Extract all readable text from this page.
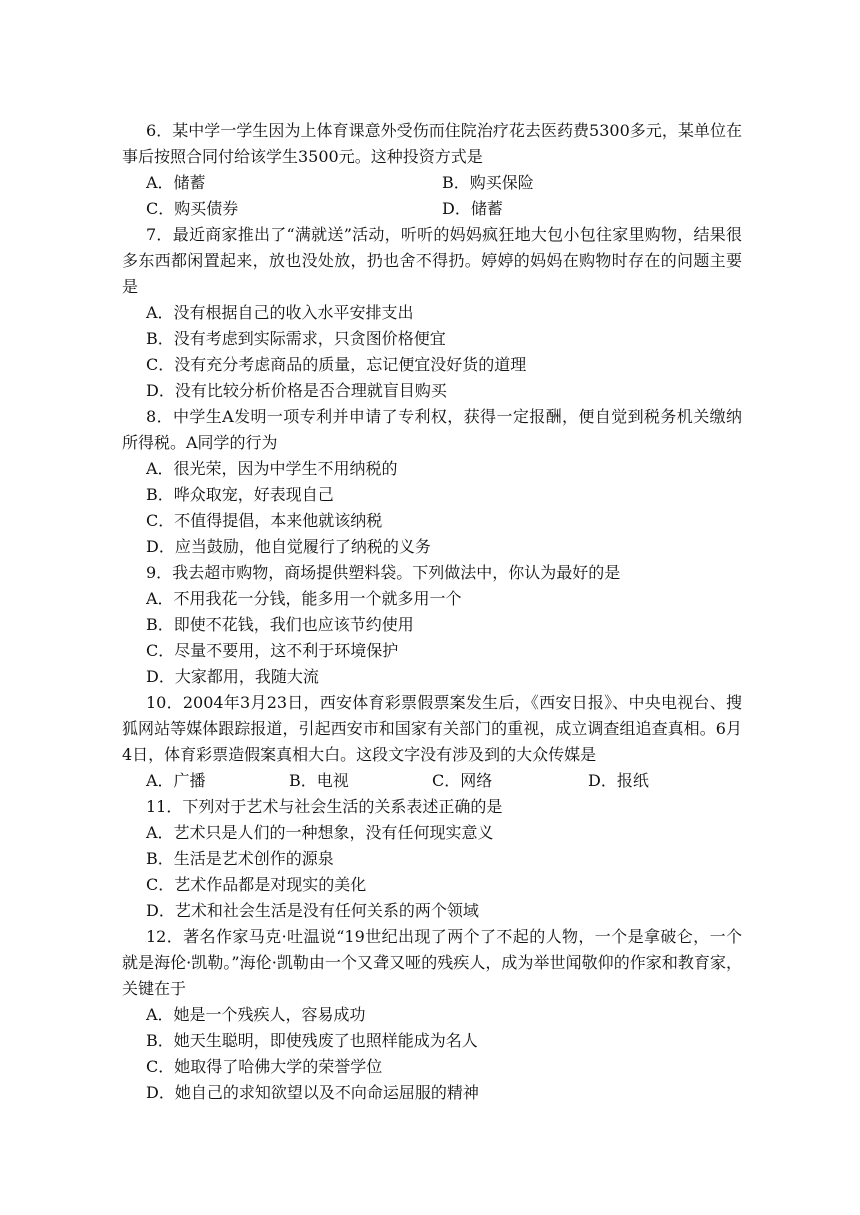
6．某中学一学生因为上体育课意外受伤而住院治疗花去医药费5300多元，某单位在事后按照合同付给该学生3500元。这种投资方式是

A．储蓄	B．购买保险
C．购买债券	D．储蓄

7．最近商家推出了“满就送”活动，听听的妈妈疯狂地大包小包往家里购物，结果很多东西都闲置起来，放也没处放，扔也舍不得扔。婷婷的妈妈在购物时存在的问题主要是

A．没有根据自己的收入水平安排支出
B．没有考虑到实际需求，只贪图价格便宜
C．没有充分考虑商品的质量，忘记便宜没好货的道理
D．没有比较分析价格是否合理就盲目购买

8．中学生A发明一项专利并申请了专利权，获得一定报酬，便自觉到税务机关缴纳所得税。A同学的行为

A．很光荣，因为中学生不用纳税的
B．哗众取宠，好表现自己
C．不值得提倡，本来他就该纳税
D．应当鼓励，他自觉履行了纳税的义务

9．我去超市购物，商场提供塑料袋。下列做法中，你认为最好的是

A．不用我花一分钱，能多用一个就多用一个
B．即使不花钱，我们也应该节约使用
C．尽量不要用，这不利于环境保护
D．大家都用，我随大流

10．2004年3月23日，西安体育彩票假票案发生后，《西安日报》、中央电视台、搜狐网站等媒体跟踪报道，引起西安市和国家有关部门的重视，成立调查组追查真相。6月4日，体育彩票造假案真相大白。这段文字没有涉及到的大众传媒是

A．广播	B．电视	C．网络	D．报纸

11．下列对于艺术与社会生活的关系表述正确的是

A．艺术只是人们的一种想象，没有任何现实意义
B．生活是艺术创作的源泉
C．艺术作品都是对现实的美化
D．艺术和社会生活是没有任何关系的两个领域

12．著名作家马克·吐温说“19世纪出现了两个了不起的人物，一个是拿破仑，一个就是海伦·凯勒。”海伦·凯勒由一个又聋又哑的残疾人，成为举世闻敬仰的作家和教育家，关键在于

A．她是一个残疾人，容易成功
B．她天生聪明，即使残废了也照样能成为名人
C．她取得了哈佛大学的荣誉学位
D．她自己的求知欲望以及不向命运屈服的精神
